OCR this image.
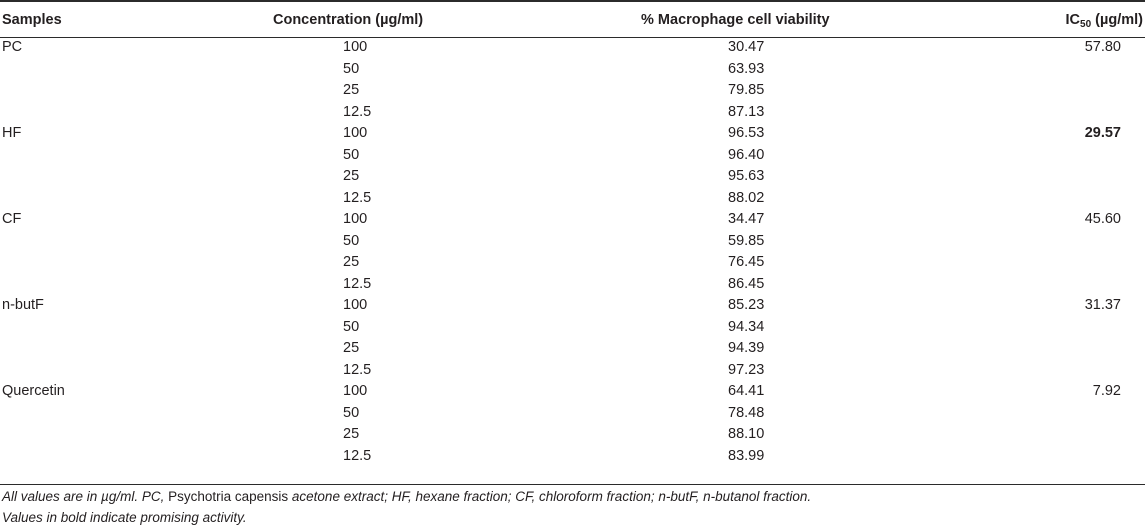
Samples	Concentration (µg/ml)	% Macrophage cell viability	$IC_{50}$ (µg/ml)
PC	100	30.47	57.80
	50	63.93	
	25	79.85	
	12.5	87.13	
HF	100	96.53	29.57
	50	96.40	
	25	95.63	
	12.5	88.02	
CF	100	34.47	45.60
	50	59.85	
	25	76.45	
	12.5	86.45	
n-butF	100	85.23	31.37
	50	94.34	
	25	94.39	
	12.5	97.23	
Quercetin	100	64.41	7.92
	50	78.48	
	25	88.10	
	12.5	83.99	
All values are in µg/ml. PC, Psychotria capensis acetone extract; HF, hexane fraction; CF, chloroform fraction; n-butF, n-butanol fraction.
Values in bold indicate promising activity.
